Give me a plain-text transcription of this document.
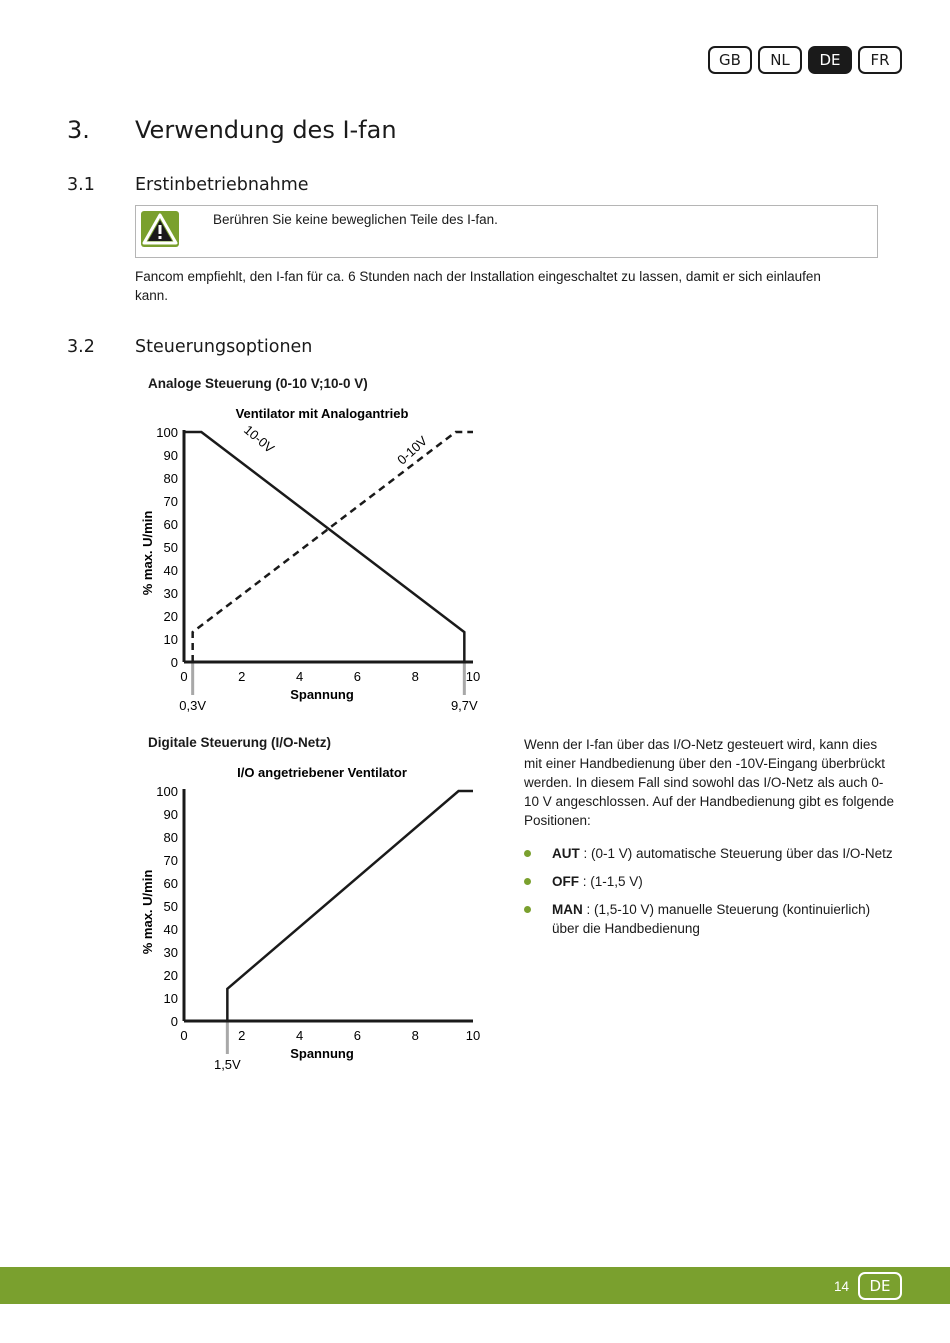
GB	NL	DE	FR
3. Verwendung des I-fan
3.1 Erstinbetriebnahme
Berühren Sie keine beweglichen Teile des I-fan.
Fancom empfiehlt, den I-fan für ca. 6 Stunden nach der Installation eingeschaltet zu lassen, damit er sich einlaufen kann.
3.2 Steuerungsoptionen
Analoge Steuerung (0-10 V;10-0 V)
Ventilator mit Analogantrieb
0,3V	9,7V
0
10
20
30
40
50
60
70
80
90
100
0	2	4	6	8	10
Spannung
% max. U/min
10-0V	0-10V
Digitale Steuerung (I/O-Netz)
I/O angetriebener Ventilator
1,5V
0
10
20
30
40
50
60
70
80
90
100
0	2	4	6	8	10
Spannung
% max. U/min
Wenn der I-fan über das I/O-Netz gesteuert wird, kann dies mit einer Handbedienung über den -10V-Eingang überbrückt werden. In diesem Fall sind sowohl das I/O-Netz als auch 0-10 V angeschlossen. Auf der Handbedienung gibt es folgende Positionen:
AUT : (0-1 V) automatische Steuerung über das I/O-Netz
OFF : (1-1,5 V)
MAN : (1,5-10 V) manuelle Steuerung (kontinuierlich) über die Handbedienung
14	DE
